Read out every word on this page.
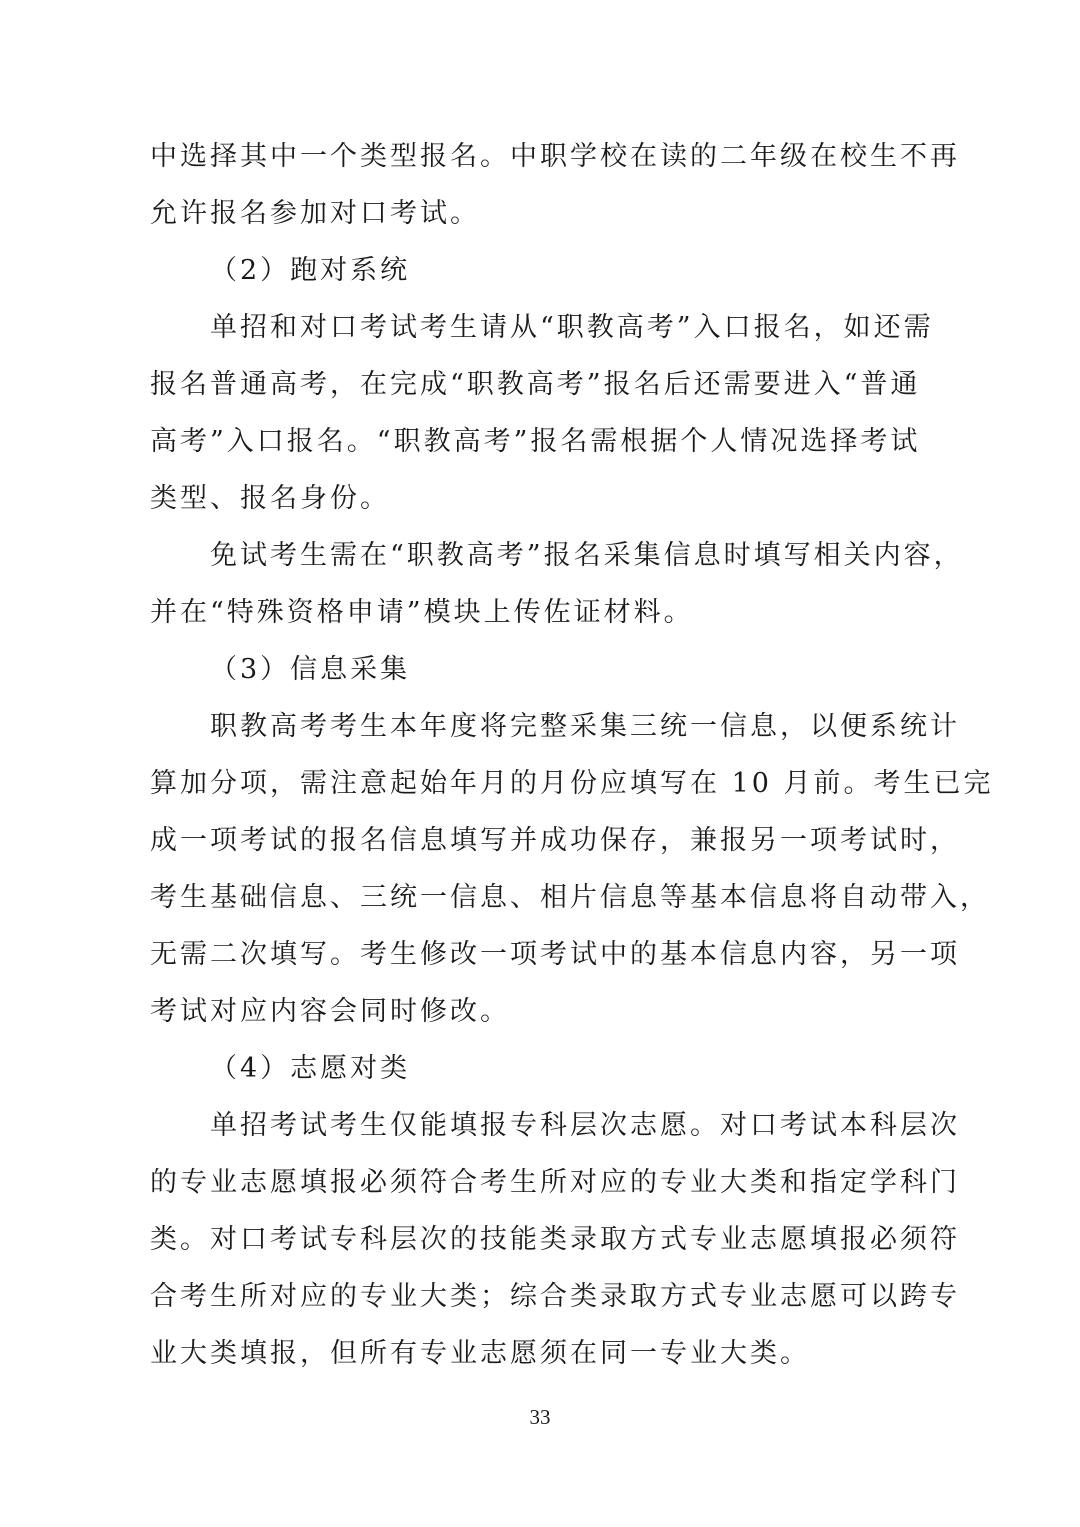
中选择其中一个类型报名。中职学校在读的二年级在校生不再
允许报名参加对口考试。
（2）跑对系统
单招和对口考试考生请从“职教高考”入口报名，如还需
报名普通高考，在完成“职教高考”报名后还需要进入“普通
高考”入口报名。“职教高考”报名需根据个人情况选择考试
类型、报名身份。
免试考生需在“职教高考”报名采集信息时填写相关内容，
并在“特殊资格申请”模块上传佐证材料。
（3）信息采集
职教高考考生本年度将完整采集三统一信息，以便系统计
算加分项，需注意起始年月的月份应填写在 10 月前。考生已完
成一项考试的报名信息填写并成功保存，兼报另一项考试时，
考生基础信息、三统一信息、相片信息等基本信息将自动带入，
无需二次填写。考生修改一项考试中的基本信息内容，另一项
考试对应内容会同时修改。
（4）志愿对类
单招考试考生仅能填报专科层次志愿。对口考试本科层次
的专业志愿填报必须符合考生所对应的专业大类和指定学科门
类。对口考试专科层次的技能类录取方式专业志愿填报必须符
合考生所对应的专业大类；综合类录取方式专业志愿可以跨专
业大类填报，但所有专业志愿须在同一专业大类。
33
